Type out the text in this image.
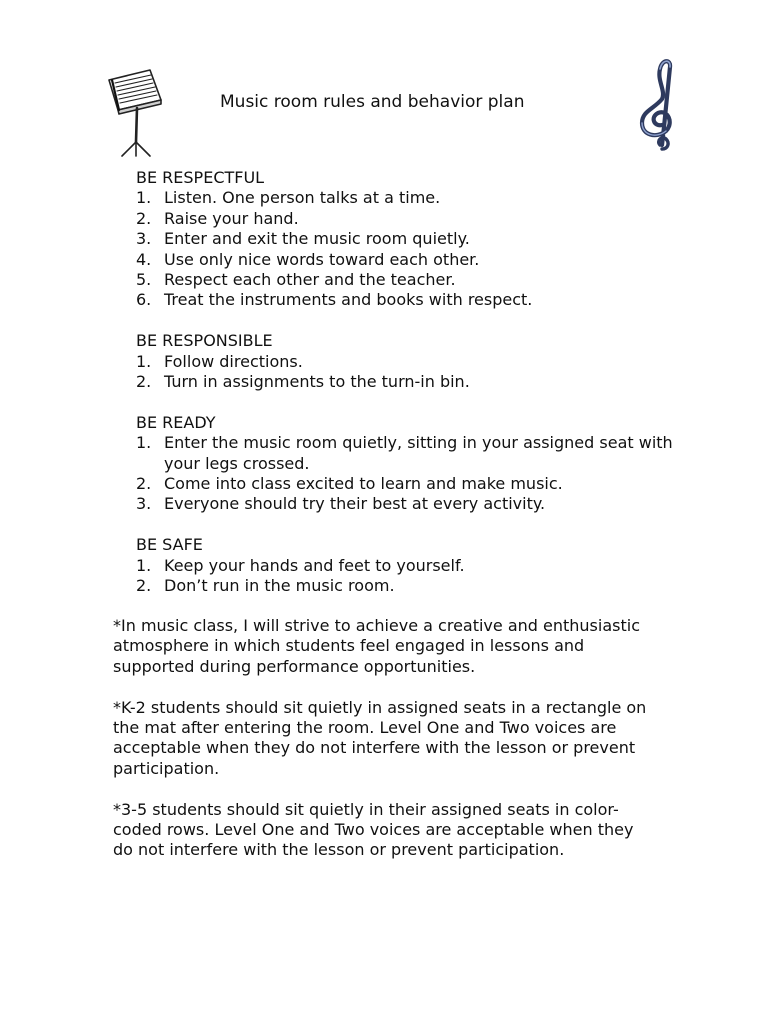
Music room rules and behavior plan

BE RESPECTFUL

1. Listen. One person talks at a time.
2. Raise your hand.
3. Enter and exit the music room quietly.
4. Use only nice words toward each other.
5. Respect each other and the teacher.
6. Treat the instruments and books with respect.

BE RESPONSIBLE

1. Follow directions.
2. Turn in assignments to the turn-in bin.

BE READY

1. Enter the music room quietly, sitting in your assigned seat with your legs crossed.
2. Come into class excited to learn and make music.
3. Everyone should try their best at every activity.

BE SAFE

1. Keep your hands and feet to yourself.
2. Don’t run in the music room.

*In music class, I will strive to achieve a creative and enthusiastic atmosphere in which students feel engaged in lessons and supported during performance opportunities.

*K-2 students should sit quietly in assigned seats in a rectangle on the mat after entering the room. Level One and Two voices are acceptable when they do not interfere with the lesson or prevent participation.

*3-5 students should sit quietly in their assigned seats in color-coded rows. Level One and Two voices are acceptable when they do not interfere with the lesson or prevent participation.
